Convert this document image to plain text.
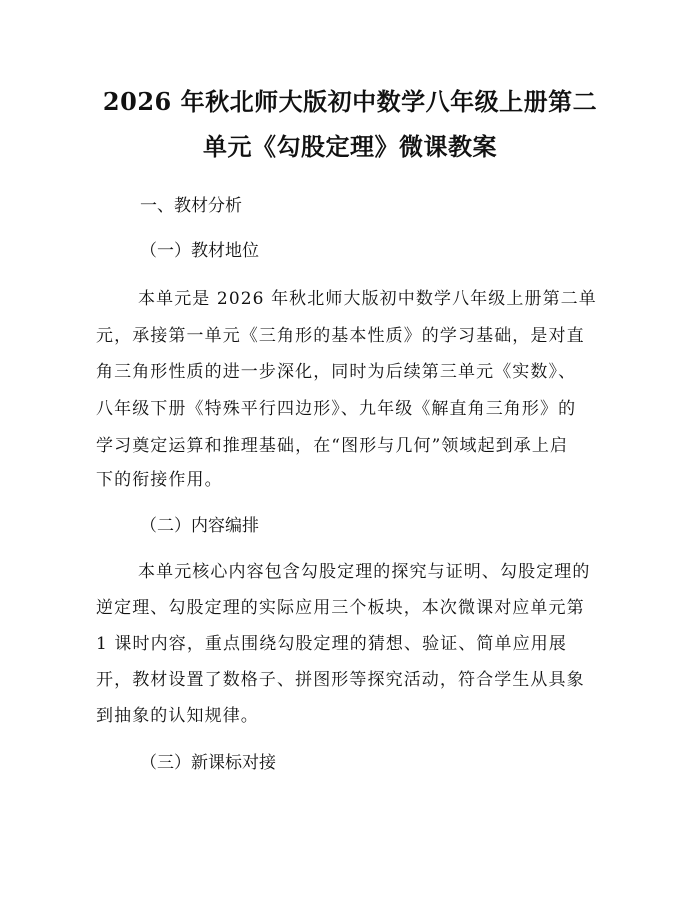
2026 年秋北师大版初中数学八年级上册第二
单元《勾股定理》微课教案
一、教材分析
（一）教材地位
本单元是 2026 年秋北师大版初中数学八年级上册第二单
元，承接第一单元《三角形的基本性质》的学习基础，是对直
角三角形性质的进一步深化，同时为后续第三单元《实数》、
八年级下册《特殊平行四边形》、九年级《解直角三角形》的
学习奠定运算和推理基础，在“图形与几何”领域起到承上启
下的衔接作用。
（二）内容编排
本单元核心内容包含勾股定理的探究与证明、勾股定理的
逆定理、勾股定理的实际应用三个板块，本次微课对应单元第
1 课时内容，重点围绕勾股定理的猜想、验证、简单应用展
开，教材设置了数格子、拼图形等探究活动，符合学生从具象
到抽象的认知规律。
（三）新课标对接
